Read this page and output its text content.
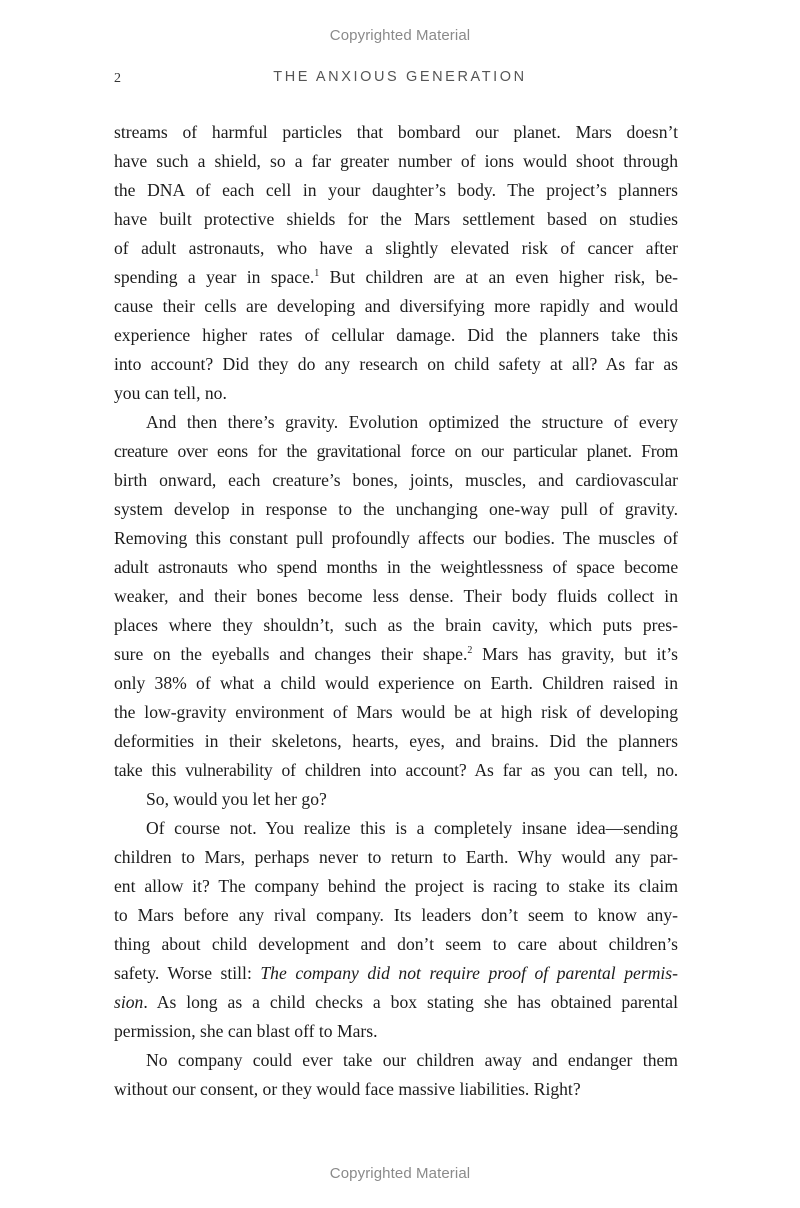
Copyrighted Material
2	THE ANXIOUS GENERATION
streams of harmful particles that bombard our planet. Mars doesn’t
have such a shield, so a far greater number of ions would shoot through
the DNA of each cell in your daughter’s body. The project’s planners
have built protective shields for the Mars settlement based on studies
of adult astronauts, who have a slightly elevated risk of cancer after
spending a year in space.$^1$ But children are at an even higher risk, be-
cause their cells are developing and diversifying more rapidly and would
experience higher rates of cellular damage. Did the planners take this
into account? Did they do any research on child safety at all? As far as
you can tell, no.
And then there’s gravity. Evolution optimized the structure of every
creature over eons for the gravitational force on our particular planet. From
birth onward, each creature’s bones, joints, muscles, and cardiovascular
system develop in response to the unchanging one-way pull of gravity.
Removing this constant pull profoundly affects our bodies. The muscles of
adult astronauts who spend months in the weightlessness of space become
weaker, and their bones become less dense. Their body fluids collect in
places where they shouldn’t, such as the brain cavity, which puts pres-
sure on the eyeballs and changes their shape.$^2$ Mars has gravity, but it’s
only 38% of what a child would experience on Earth. Children raised in
the low-gravity environment of Mars would be at high risk of developing
deformities in their skeletons, hearts, eyes, and brains. Did the planners
take this vulnerability of children into account? As far as you can tell, no.
So, would you let her go?
Of course not. You realize this is a completely insane idea—sending
children to Mars, perhaps never to return to Earth. Why would any par-
ent allow it? The company behind the project is racing to stake its claim
to Mars before any rival company. Its leaders don’t seem to know any-
thing about child development and don’t seem to care about children’s
safety. Worse still: The company did not require proof of parental permis-
sion. As long as a child checks a box stating she has obtained parental
permission, she can blast off to Mars.
No company could ever take our children away and endanger them
without our consent, or they would face massive liabilities. Right?
Copyrighted Material
